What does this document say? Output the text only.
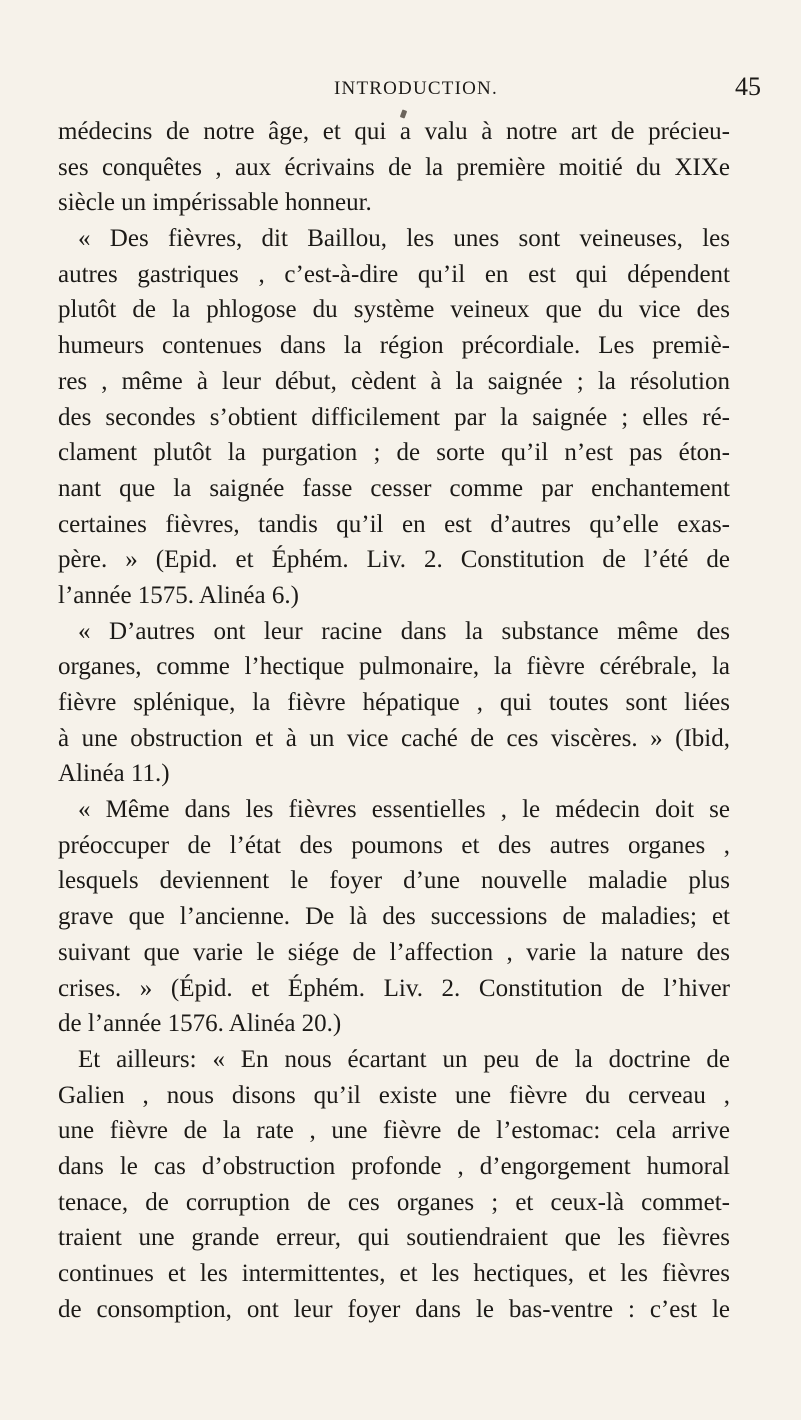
INTRODUCTION.	45
médecins de notre âge, et qui a valu à notre art de précieu-
ses conquêtes , aux écrivains de la première moitié du XIXe
siècle un impérissable honneur.
« Des fièvres, dit Baillou, les unes sont veineuses, les
autres gastriques , c’est-à-dire qu’il en est qui dépendent
plutôt de la phlogose du système veineux que du vice des
humeurs contenues dans la région précordiale. Les premiè-
res , même à leur début, cèdent à la saignée ; la résolution
des secondes s’obtient difficilement par la saignée ; elles ré-
clament plutôt la purgation ; de sorte qu’il n’est pas éton-
nant que la saignée fasse cesser comme par enchantement
certaines fièvres, tandis qu’il en est d’autres qu’elle exas-
père. » (Epid. et Éphém. Liv. 2. Constitution de l’été de
l’année 1575. Alinéa 6.)
« D’autres ont leur racine dans la substance même des
organes, comme l’hectique pulmonaire, la fièvre cérébrale, la
fièvre splénique, la fièvre hépatique , qui toutes sont liées
à une obstruction et à un vice caché de ces viscères. » (Ibid,
Alinéa 11.)
« Même dans les fièvres essentielles , le médecin doit se
préoccuper de l’état des poumons et des autres organes ,
lesquels deviennent le foyer d’une nouvelle maladie plus
grave que l’ancienne. De là des successions de maladies; et
suivant que varie le siége de l’affection , varie la nature des
crises. » (Épid. et Éphém. Liv. 2. Constitution de l’hiver
de l’année 1576. Alinéa 20.)
Et ailleurs: « En nous écartant un peu de la doctrine de
Galien , nous disons qu’il existe une fièvre du cerveau ,
une fièvre de la rate , une fièvre de l’estomac: cela arrive
dans le cas d’obstruction profonde , d’engorgement humoral
tenace, de corruption de ces organes ; et ceux-là commet-
traient une grande erreur, qui soutiendraient que les fièvres
continues et les intermittentes, et les hectiques, et les fièvres
de consomption, ont leur foyer dans le bas-ventre : c’est le
